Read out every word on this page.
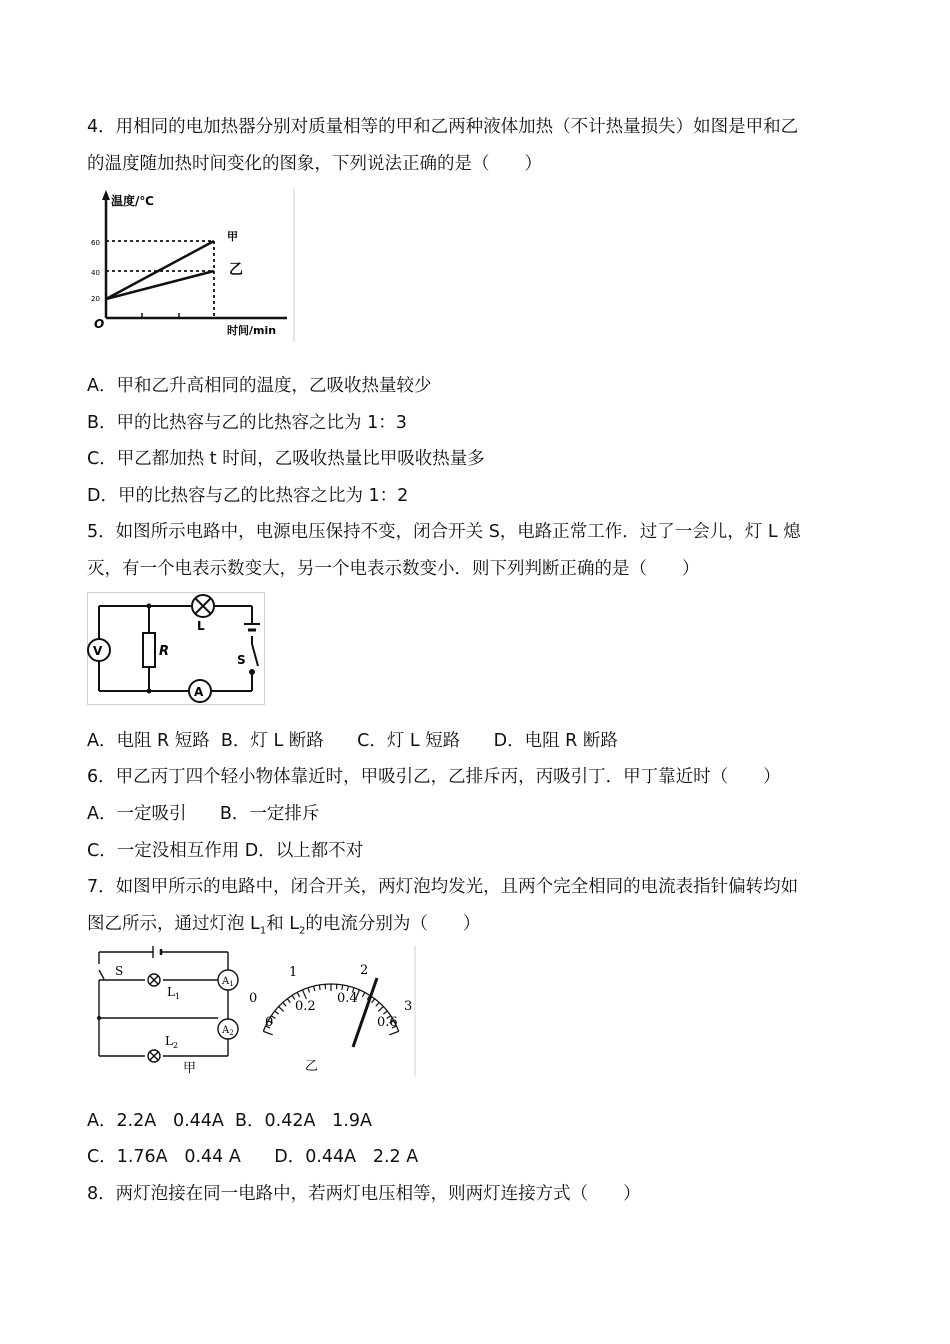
4．用相同的电加热器分别对质量相等的甲和乙两种液体加热（不计热量损失）如图是甲和乙
的温度随加热时间变化的图象，下列说法正确的是（　　）
温度/℃
60
40
20
O
甲
乙
时间/min
A．甲和乙升高相同的温度，乙吸收热量较少
B．甲的比热容与乙的比热容之比为 1：3
C．甲乙都加热 t 时间，乙吸收热量比甲吸收热量多
D．甲的比热容与乙的比热容之比为 1：2
5．如图所示电路中，电源电压保持不变，闭合开关 S，电路正常工作．过了一会儿，灯 L 熄
灭，有一个电表示数变大，另一个电表示数变小．则下列判断正确的是（　　）
V
A
R
L
S
A．电阻 R 短路  B．灯 L 断路      C．灯 L 短路      D．电阻 R 断路
6．甲乙丙丁四个轻小物体靠近时，甲吸引乙，乙排斥丙，丙吸引丁．甲丁靠近时（　　）
A．一定吸引      B．一定排斥
C．一定没相互作用 D．以上都不对
7．如图甲所示的电路中，闭合开关，两灯泡均发光，且两个完全相同的电流表指针偏转均如
图乙所示，通过灯泡 $L_1$和 $L_2$的电流分别为（　　）
S
$L_1$
$L_2$
$A_1$
$A_2$
甲
0
1	2
3
0
0.2
0.4
0.6
乙
A．2.2A   0.44A  B．0.42A   1.9A
C．1.76A   0.44 A      D．0.44A   2.2 A
8．两灯泡接在同一电路中，若两灯电压相等，则两灯连接方式（　　）
